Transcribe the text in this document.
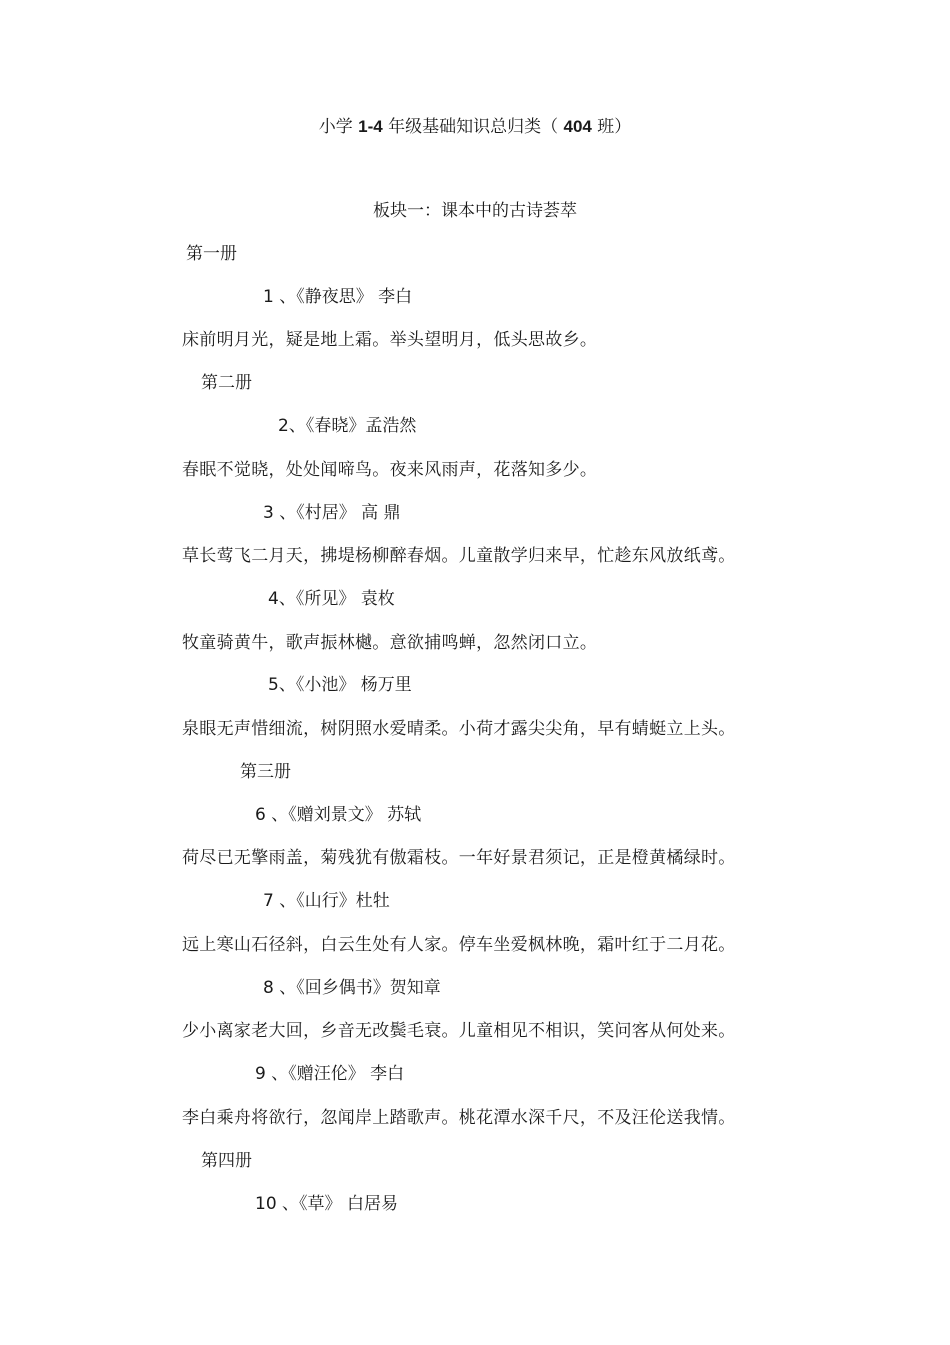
小学 1-4 年级基础知识总归类（ 404 班）
板块一：课本中的古诗荟萃
第一册
1 、《静夜思》 李白
床前明月光，疑是地上霜。举头望明月，低头思故乡。
第二册
2、《春晓》孟浩然
春眠不觉晓，处处闻啼鸟。夜来风雨声，花落知多少。
3 、《村居》 高 鼎
草长莺飞二月天，拂堤杨柳醉春烟。儿童散学归来早，忙趁东风放纸鸢。
4、《所见》 袁枚
牧童骑黄牛，歌声振林樾。意欲捕鸣蝉，忽然闭口立。
5、《小池》 杨万里
泉眼无声惜细流，树阴照水爱晴柔。小荷才露尖尖角，早有蜻蜓立上头。
第三册
6 、《赠刘景文》 苏轼
荷尽已无擎雨盖，菊残犹有傲霜枝。一年好景君须记，正是橙黄橘绿时。
7 、《山行》杜牡
远上寒山石径斜，白云生处有人家。停车坐爱枫林晚，霜叶红于二月花。
8 、《回乡偶书》贺知章
少小离家老大回，乡音无改鬓毛衰。儿童相见不相识，笑问客从何处来。
9 、《赠汪伦》 李白
李白乘舟将欲行，忽闻岸上踏歌声。桃花潭水深千尺，不及汪伦送我情。
第四册
10 、《草》 白居易
